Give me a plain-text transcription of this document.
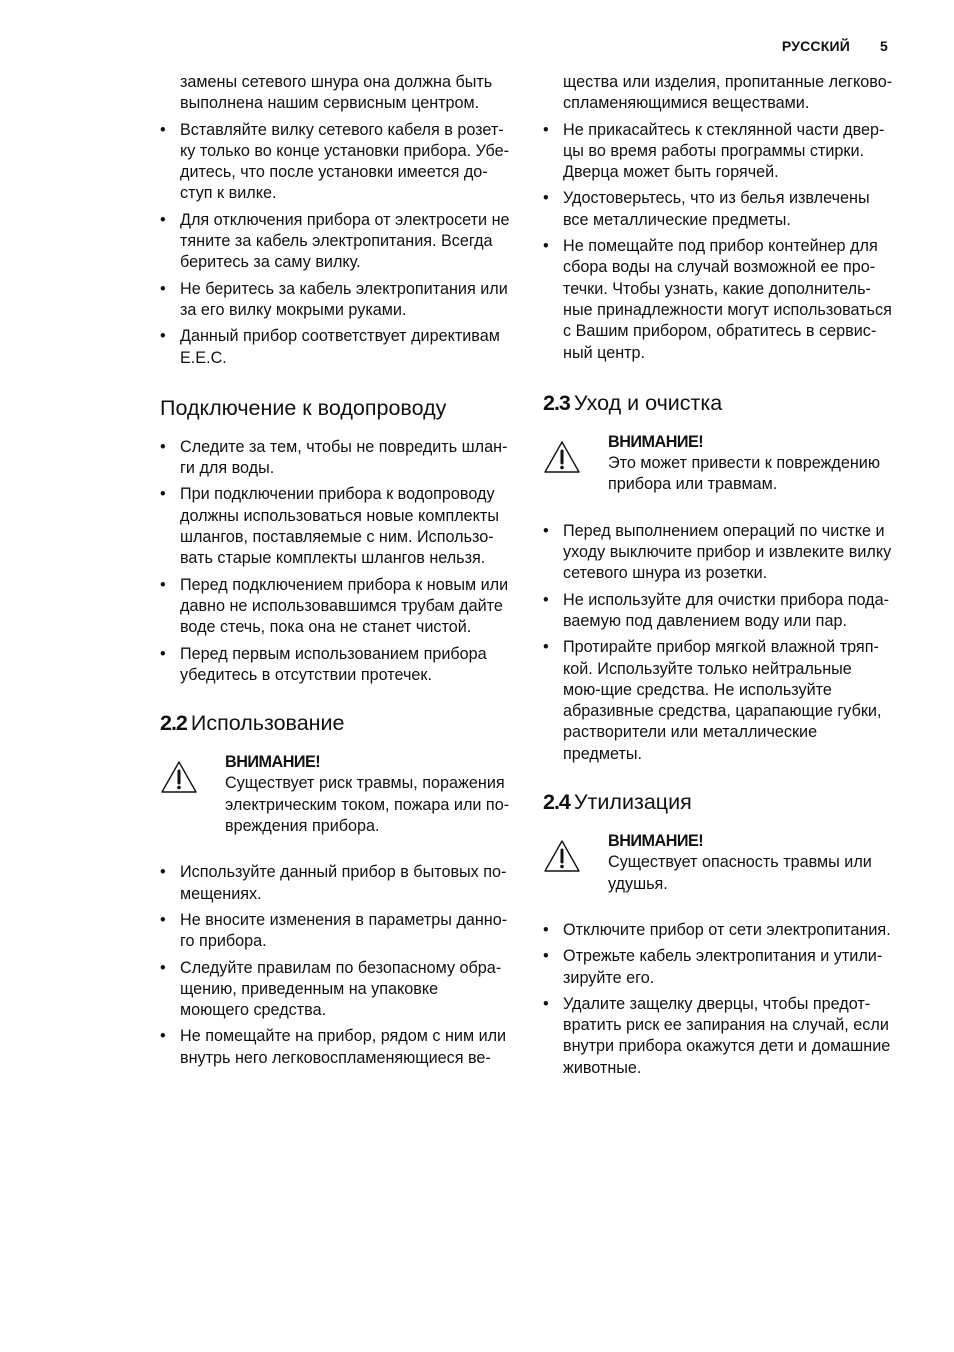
РУССКИЙ 5
замены сетевого шнура она должна быть выполнена нашим сервисным центром.
• Вставляйте вилку сетевого кабеля в розет-ку только во конце установки прибора. Убе-дитесь, что после установки имеется до-ступ к вилке.
• Для отключения прибора от электросети не тяните за кабель электропитания. Всегда беритесь за саму вилку.
• Не беритесь за кабель электропитания или за его вилку мокрыми руками.
• Данный прибор соответствует директивам E.E.C.
Подключение к водопроводу
• Следите за тем, чтобы не повредить шлан-ги для воды.
• При подключении прибора к водопроводу должны использоваться новые комплекты шлангов, поставляемые с ним. Использо-вать старые комплекты шлангов нельзя.
• Перед подключением прибора к новым или давно не использовавшимся трубам дайте воде стечь, пока она не станет чистой.
• Перед первым использованием прибора убедитесь в отсутствии протечек.
2.2 Использование
ВНИМАНИЕ!
Существует риск травмы, поражения электрическим током, пожара или по-вреждения прибора.
• Используйте данный прибор в бытовых по-мещениях.
• Не вносите изменения в параметры данно-го прибора.
• Следуйте правилам по безопасному обра-щению, приведенным на упаковке моющего средства.
• Не помещайте на прибор, рядом с ним или внутрь него легковоспламеняющиеся ве-
щества или изделия, пропитанные легково-спламеняющимися веществами.
• Не прикасайтесь к стеклянной части двер-цы во время работы программы стирки. Дверца может быть горячей.
• Удостоверьтесь, что из белья извлечены все металлические предметы.
• Не помещайте под прибор контейнер для сбора воды на случай возможной ее про-течки. Чтобы узнать, какие дополнитель-ные принадлежности могут использоваться с Вашим прибором, обратитесь в сервис-ный центр.
2.3 Уход и очистка
ВНИМАНИЕ!
Это может привести к повреждению прибора или травмам.
• Перед выполнением операций по чистке и уходу выключите прибор и извлеките вилку сетевого шнура из розетки.
• Не используйте для очистки прибора пода-ваемую под давлением воду или пар.
• Протирайте прибор мягкой влажной тряп-кой. Используйте только нейтральные мою-щие средства. Не используйте абразивные средства, царапающие губки, растворители или металлические предметы.
2.4 Утилизация
ВНИМАНИЕ!
Существует опасность травмы или удушья.
• Отключите прибор от сети электропитания.
• Отрежьте кабель электропитания и утили-зируйте его.
• Удалите защелку дверцы, чтобы предот-вратить риск ее запирания на случай, если внутри прибора окажутся дети и домашние животные.
